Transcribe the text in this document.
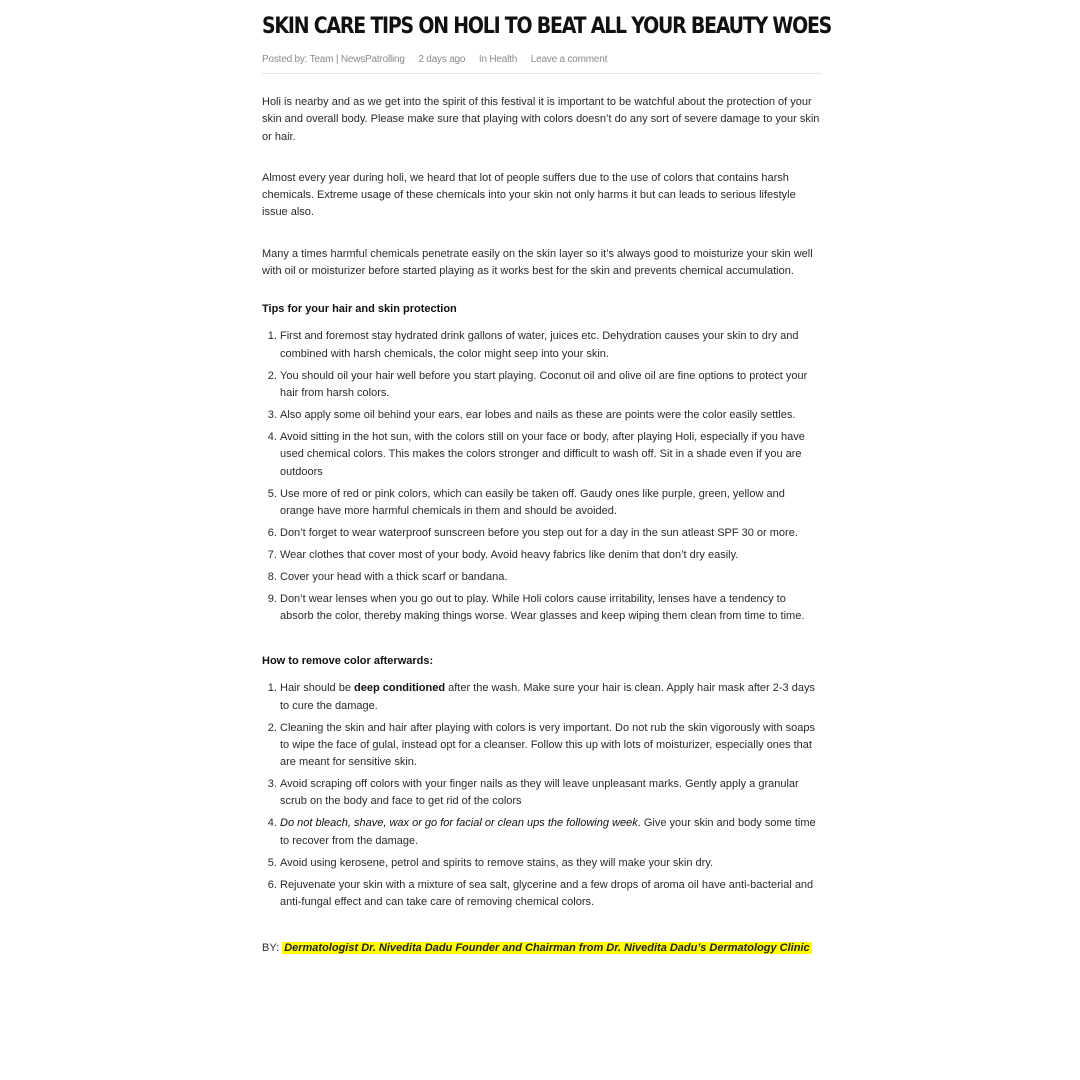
SKIN CARE TIPS ON HOLI TO BEAT ALL YOUR BEAUTY WOES
Posted by: Team | NewsPatrolling 2 days ago In Health Leave a comment

Holi is nearby and as we get into the spirit of this festival it is important to be watchful about the protection of your skin and overall body. Please make sure that playing with colors doesn’t do any sort of severe damage to your skin or hair.

Almost every year during holi, we heard that lot of people suffers due to the use of colors that contains harsh chemicals. Extreme usage of these chemicals into your skin not only harms it but can leads to serious lifestyle issue also.

Many a times harmful chemicals penetrate easily on the skin layer so it’s always good to moisturize your skin well with oil or moisturizer before started playing as it works best for the skin and prevents chemical accumulation.

Tips for your hair and skin protection
1. First and foremost stay hydrated drink gallons of water, juices etc. Dehydration causes your skin to dry and combined with harsh chemicals, the color might seep into your skin.
2. You should oil your hair well before you start playing. Coconut oil and olive oil are fine options to protect your hair from harsh colors.
3. Also apply some oil behind your ears, ear lobes and nails as these are points were the color easily settles.
4. Avoid sitting in the hot sun, with the colors still on your face or body, after playing Holi, especially if you have used chemical colors. This makes the colors stronger and difficult to wash off. Sit in a shade even if you are outdoors
5. Use more of red or pink colors, which can easily be taken off. Gaudy ones like purple, green, yellow and orange have more harmful chemicals in them and should be avoided.
6. Don’t forget to wear waterproof sunscreen before you step out for a day in the sun atleast SPF 30 or more.
7. Wear clothes that cover most of your body. Avoid heavy fabrics like denim that don’t dry easily.
8. Cover your head with a thick scarf or bandana.
9. Don’t wear lenses when you go out to play. While Holi colors cause irritability, lenses have a tendency to absorb the color, thereby making things worse. Wear glasses and keep wiping them clean from time to time.
How to remove color afterwards:
1. Hair should be deep conditioned after the wash. Make sure your hair is clean. Apply hair mask after 2-3 days to cure the damage.
2. Cleaning the skin and hair after playing with colors is very important. Do not rub the skin vigorously with soaps to wipe the face of gulal, instead opt for a cleanser. Follow this up with lots of moisturizer, especially ones that are meant for sensitive skin.
3. Avoid scraping off colors with your finger nails as they will leave unpleasant marks. Gently apply a granular scrub on the body and face to get rid of the colors
4. Do not bleach, shave, wax or go for facial or clean ups the following week. Give your skin and body some time to recover from the damage.
5. Avoid using kerosene, petrol and spirits to remove stains, as they will make your skin dry.
6. Rejuvenate your skin with a mixture of sea salt, glycerine and a few drops of aroma oil have anti-bacterial and anti-fungal effect and can take care of removing chemical colors.
BY: Dermatologist Dr. Nivedita Dadu Founder and Chairman from Dr. Nivedita Dadu’s Dermatology Clinic
